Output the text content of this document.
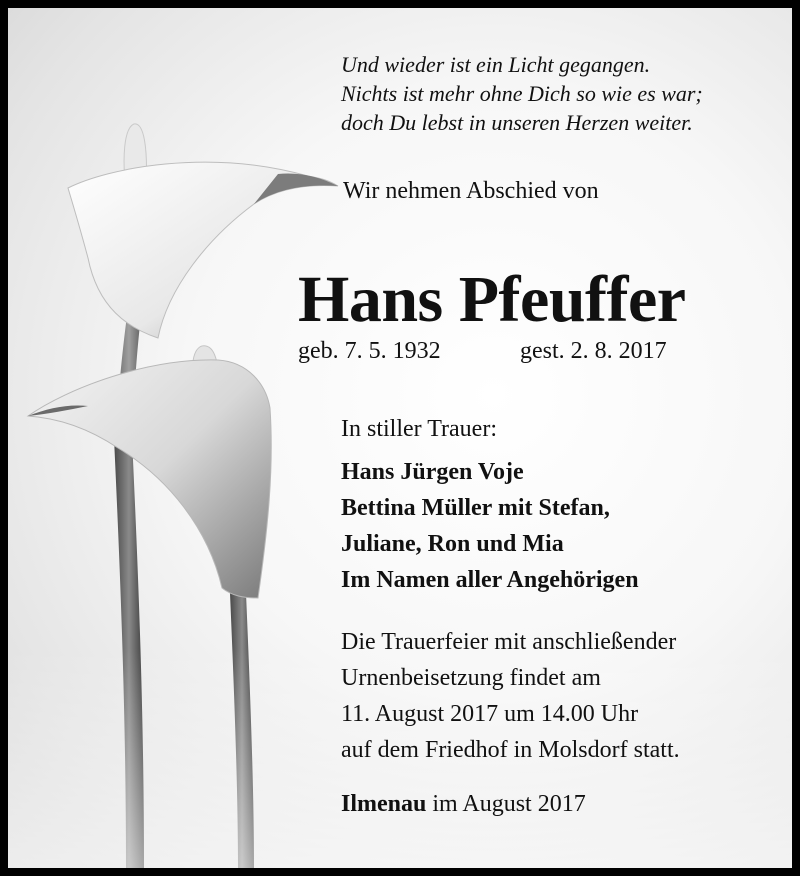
Und wieder ist ein Licht gegangen.
Nichts ist mehr ohne Dich so wie es war;
doch Du lebst in unseren Herzen weiter.
Wir nehmen Abschied von
Hans Pfeuffer
geb. 7. 5. 1932	gest. 2. 8. 2017
In stiller Trauer:
Hans Jürgen Voje
Bettina Müller mit Stefan,
Juliane, Ron und Mia
Im Namen aller Angehörigen
Die Trauerfeier mit anschließender
Urnenbeisetzung findet am
11. August 2017 um 14.00 Uhr
auf dem Friedhof in Molsdorf statt.
Ilmenau im August 2017
